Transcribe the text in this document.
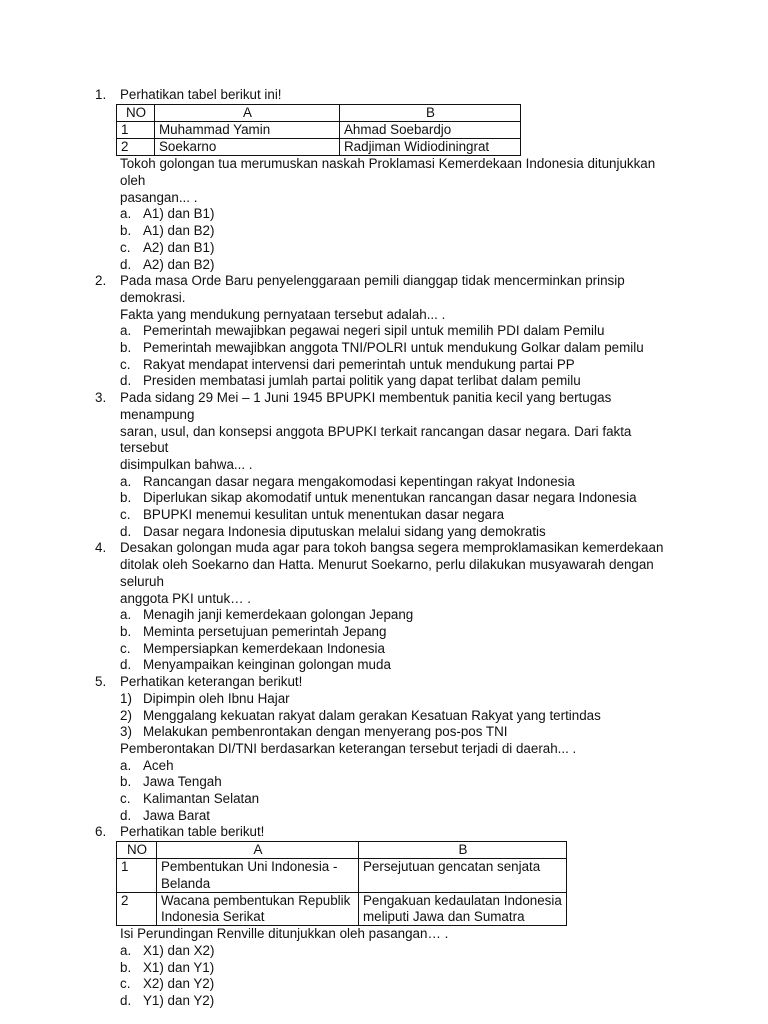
1. Perhatikan tabel berikut ini!
NO	A	B
1	Muhammad Yamin	Ahmad Soebardjo
2	Soekarno	Radjiman Widiodiningrat
Tokoh golongan tua merumuskan naskah Proklamasi Kemerdekaan Indonesia ditunjukkan oleh
pasangan... .
a. A1) dan B1)
b. A1) dan B2)
c. A2) dan B1)
d. A2) dan B2)
2. Pada masa Orde Baru penyelenggaraan pemili dianggap tidak mencerminkan prinsip demokrasi.
Fakta yang mendukung pernyataan tersebut adalah... .
a. Pemerintah mewajibkan pegawai negeri sipil untuk memilih PDI dalam Pemilu
b. Pemerintah mewajibkan anggota TNI/POLRI untuk mendukung Golkar dalam pemilu
c. Rakyat mendapat intervensi dari pemerintah untuk mendukung partai PP
d. Presiden membatasi jumlah partai politik yang dapat terlibat dalam pemilu
3. Pada sidang 29 Mei – 1 Juni 1945 BPUPKI membentuk panitia kecil yang bertugas menampung
saran, usul, dan konsepsi anggota BPUPKI terkait rancangan dasar negara. Dari fakta tersebut
disimpulkan bahwa... .
a. Rancangan dasar negara mengakomodasi kepentingan rakyat Indonesia
b. Diperlukan sikap akomodatif untuk menentukan rancangan dasar negara Indonesia
c. BPUPKI menemui kesulitan untuk menentukan dasar negara
d. Dasar negara Indonesia diputuskan melalui sidang yang demokratis
4. Desakan golongan muda agar para tokoh bangsa segera memproklamasikan kemerdekaan
ditolak oleh Soekarno dan Hatta. Menurut Soekarno, perlu dilakukan musyawarah dengan seluruh
anggota PKI untuk… .
a. Menagih janji kemerdekaan golongan Jepang
b. Meminta persetujuan pemerintah Jepang
c. Mempersiapkan kemerdekaan Indonesia
d. Menyampaikan keinginan golongan muda
5. Perhatikan keterangan berikut!
1) Dipimpin oleh Ibnu Hajar
2) Menggalang kekuatan rakyat dalam gerakan Kesatuan Rakyat yang tertindas
3) Melakukan pembenrontakan dengan menyerang pos-pos TNI
Pemberontakan DI/TNI berdasarkan keterangan tersebut terjadi di daerah... .
a. Aceh
b. Jawa Tengah
c. Kalimantan Selatan
d. Jawa Barat
6. Perhatikan table berikut!
NO	A	B
1	Pembentukan Uni Indonesia - Belanda	Persejutuan gencatan senjata
2	Wacana pembentukan Republik Indonesia Serikat	Pengakuan kedaulatan Indonesia meliputi Jawa dan Sumatra
Isi Perundingan Renville ditunjukkan oleh pasangan… .
a. X1) dan X2)
b. X1) dan Y1)
c. X2) dan Y2)
d. Y1) dan Y2)
